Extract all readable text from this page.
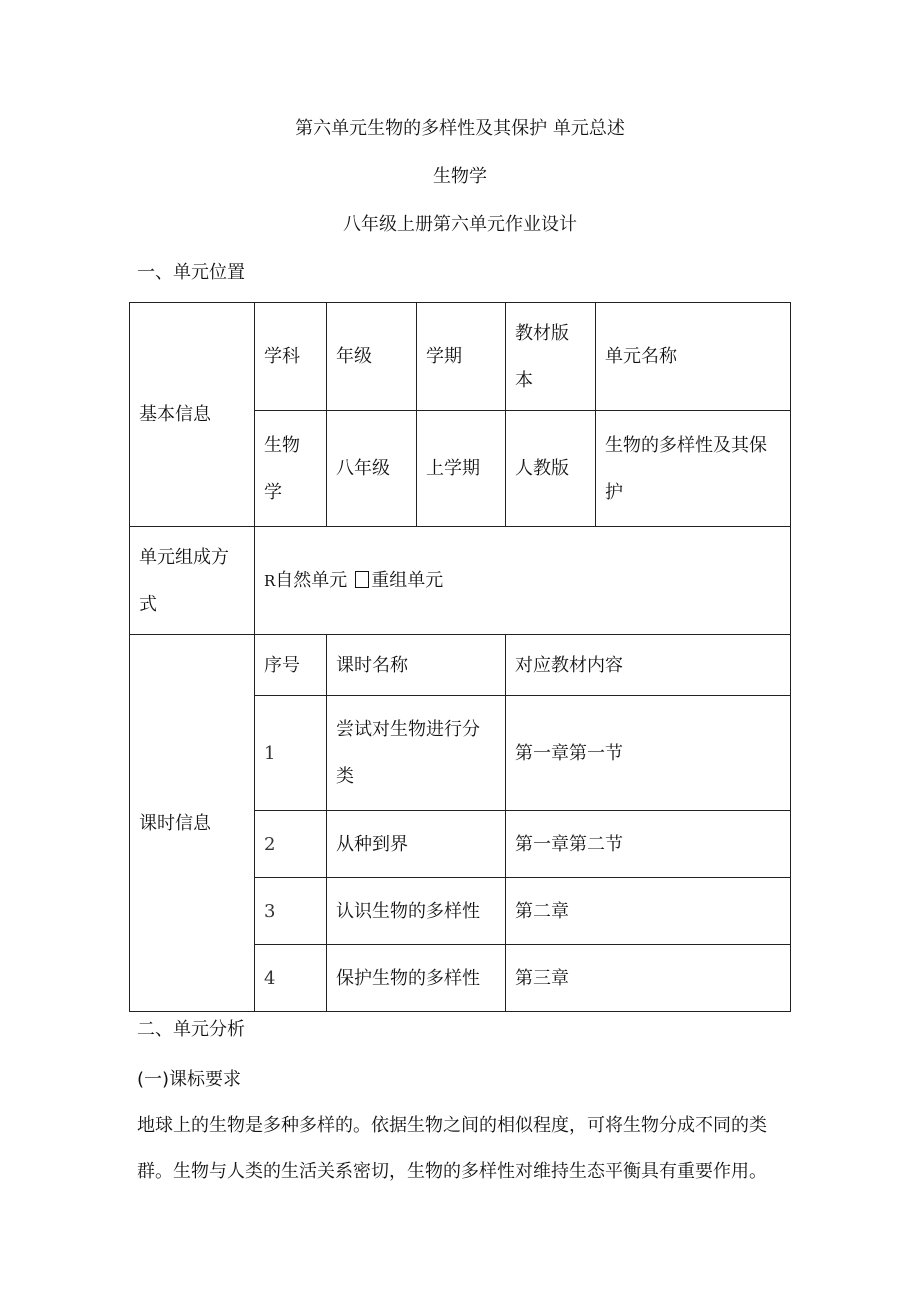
第六单元生物的多样性及其保护 单元总述
生物学
八年级上册第六单元作业设计
一、单元位置
基本信息	学科	年级	学期	教材版本	单元名称
	生物学	八年级	上学期	人教版	生物的多样性及其保护
单元组成方式	R自然单元 重组单元				
课时信息	序号	课时名称		对应教材内容	
	1	尝试对生物进行分类		第一章第一节	
	2	从种到界		第一章第二节	
	3	认识生物的多样性		第二章	
	4	保护生物的多样性		第三章	
二、单元分析
(一)课标要求
地球上的生物是多种多样的。依据生物之间的相似程度，可将生物分成不同的类群。生物与人类的生活关系密切，生物的多样性对维持生态平衡具有重要作用。
